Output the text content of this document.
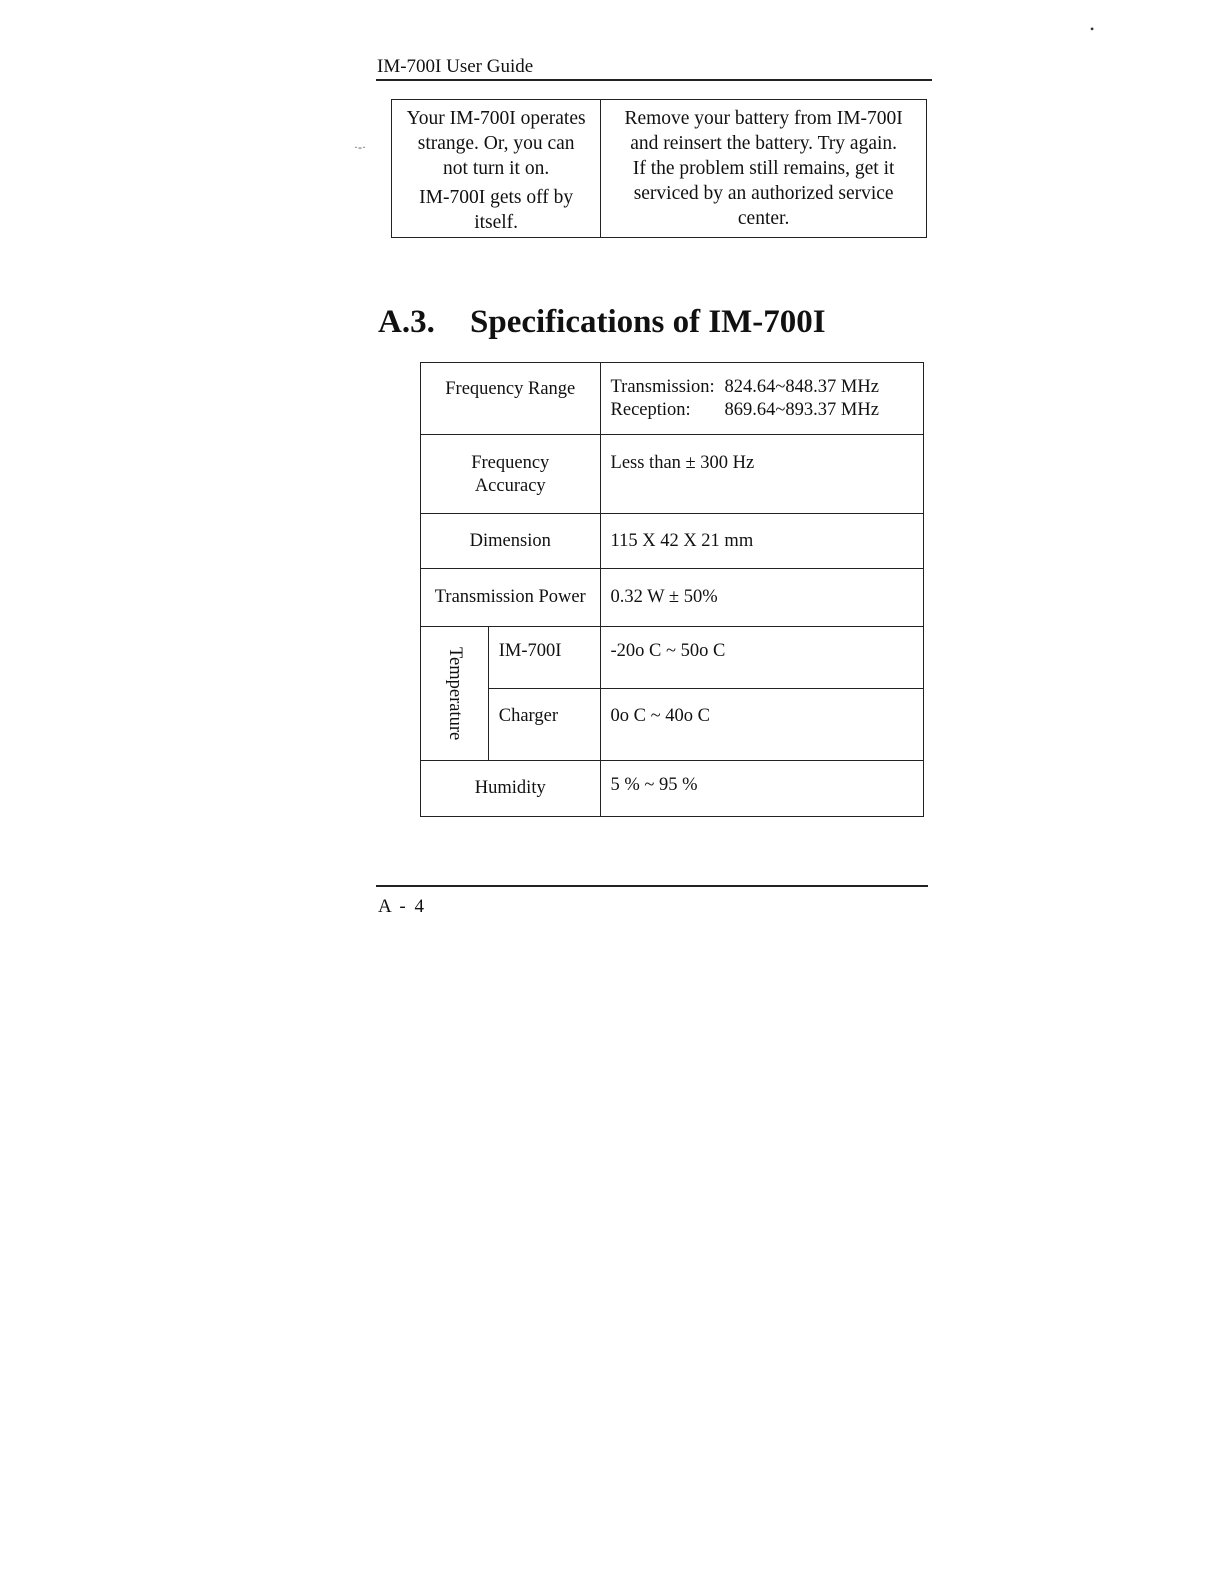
IM-700I User Guide
•
·-·
Your IM-700I operates
strange. Or, you can
not turn it on.
IM-700I gets off by
itself.

Remove your battery from IM-700I
and reinsert the battery. Try again.
If the problem still remains, get it
serviced by an authorized service
center.
A.3. Specifications of IM-700I
Frequency Range		Transmission: 824.64~848.37 MHz
Reception: 869.64~893.37 MHz

Frequency
Accuracy		Less than ± 300 Hz
Dimension		115 X 42 X 21 mm
Transmission Power		0.32 W ± 50%

Temperature	IM-700I	-20o C ~ 50o C
	Charger	0o C ~ 40o C
Humidity		5 % ~ 95 %
A - 4
